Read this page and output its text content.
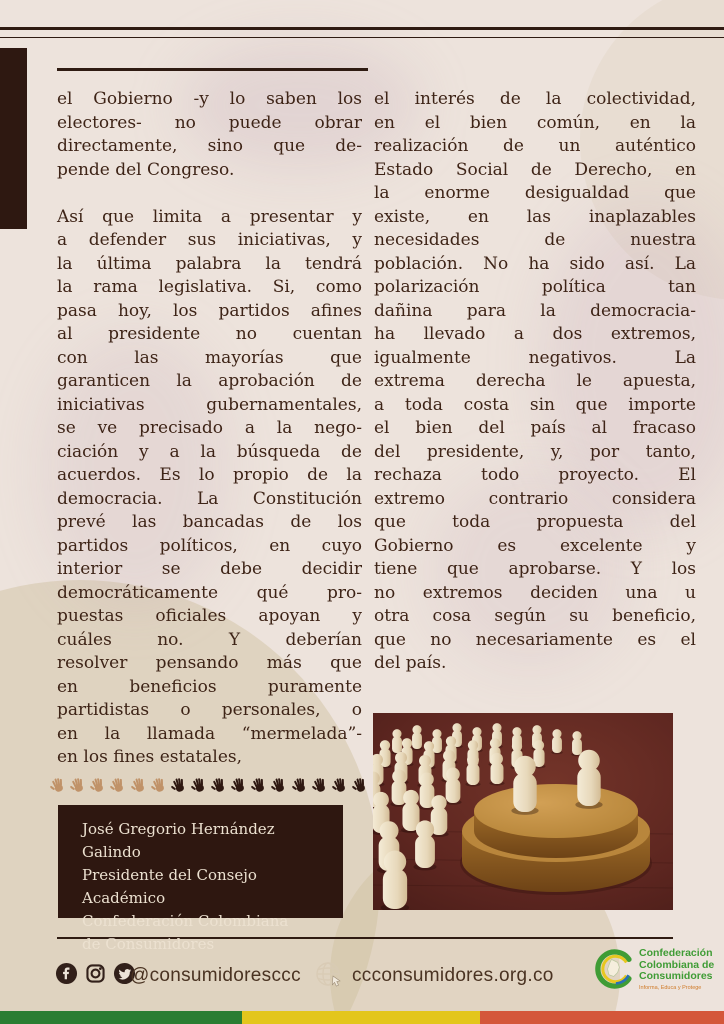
el Gobierno -y lo saben los
electores- no puede obrar
directamente, sino que de-
pende del Congreso.
Así que limita a presentar y
a defender sus iniciativas, y
la última palabra la tendrá
la rama legislativa. Si, como
pasa hoy, los partidos afines
al presidente no cuentan
con las mayorías que
garanticen la aprobación de
iniciativas gubernamentales,
se ve precisado a la nego-
ciación y a la búsqueda de
acuerdos. Es lo propio de la
democracia. La Constitución
prevé las bancadas de los
partidos políticos, en cuyo
interior se debe decidir
democráticamente qué pro-
puestas oficiales apoyan y
cuáles no. Y deberían
resolver pensando más que
en beneficios puramente
partidistas o personales, o
en la llamada “mermelada”-
en los fines estatales,
el interés de la colectividad,
en el bien común, en la
realización de un auténtico
Estado Social de Derecho, en
la enorme desigualdad que
existe, en las inaplazables
necesidades de nuestra
población. No ha sido así. La
polarización política tan
dañina para la democracia-
ha llevado a dos extremos,
igualmente negativos. La
extrema derecha le apuesta,
a toda costa sin que importe
el bien del país al fracaso
del presidente, y, por tanto,
rechaza todo proyecto. El
extremo contrario considera
que toda propuesta del
Gobierno es excelente y
tiene que aprobarse. Y los
no extremos deciden una u
otra cosa según su beneficio,
que no necesariamente es el
del país.
José Gregorio Hernández Galindo
Presidente del Consejo Académico
Confederación Colombiana
de Consumidores
@consumidoresccc	ccconsumidores.org.co
Confederación
Colombiana de
Consumidores
Informa, Educa y Protege
